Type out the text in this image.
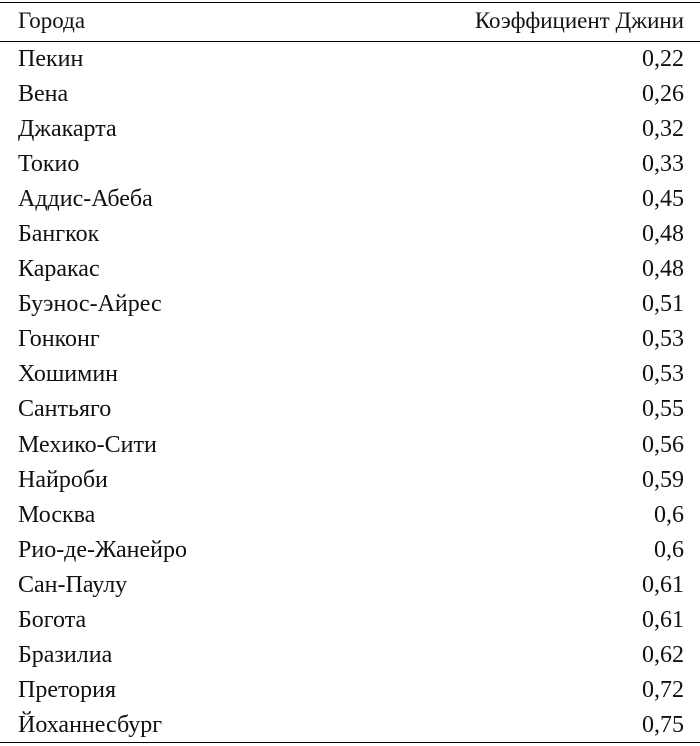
Города	Коэффициент Джини
Пекин	0,22
Вена	0,26
Джакарта	0,32
Токио	0,33
Аддис-Абеба	0,45
Бангкок	0,48
Каракас	0,48
Буэнос-Айрес	0,51
Гонконг	0,53
Хошимин	0,53
Сантьяго	0,55
Мехико-Сити	0,56
Найроби	0,59
Москва	0,6
Рио-де-Жанейро	0,6
Сан-Паулу	0,61
Богота	0,61
Бразилиа	0,62
Претория	0,72
Йоханнесбург	0,75
